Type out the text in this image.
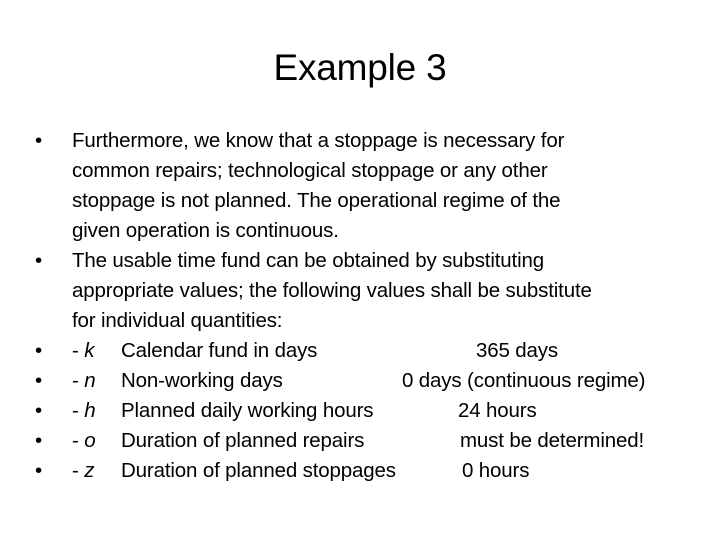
Example 3
• Furthermore, we know that a stoppage is necessary for
common repairs; technological stoppage or any other
stoppage is not planned. The operational regime of the
given operation is continuous.
• The usable time fund can be obtained by substituting
appropriate values; the following values shall be substitute
for individual quantities:
• - k Calendar fund in days	365 days
• - n Non-working days	0 days (continuous regime)
• - h Planned daily working hours	24 hours
• - o Duration of planned repairs	must be determined!
• - z Duration of planned stoppages	0 hours
